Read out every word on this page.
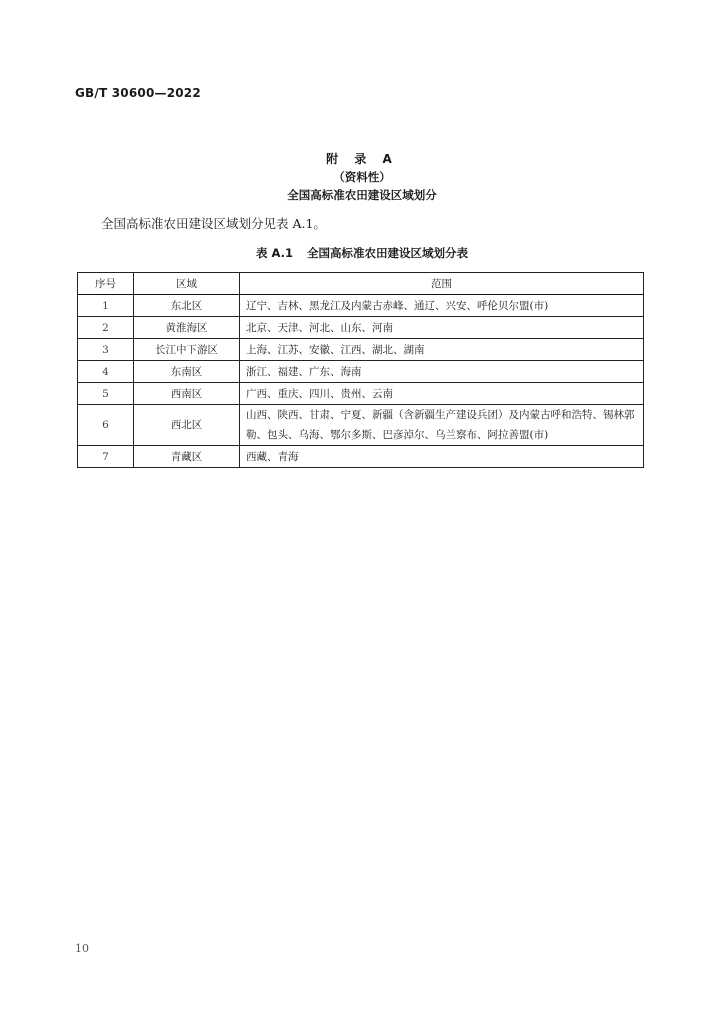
GB/T 30600—2022
附 录 A
（资料性）
全国高标准农田建设区域划分
全国高标准农田建设区域划分见表 A.1。
表 A.1 全国高标准农田建设区域划分表
序号	区域	范围
1	东北区	辽宁、吉林、黑龙江及内蒙古赤峰、通辽、兴安、呼伦贝尔盟(市)
2	黄淮海区	北京、天津、河北、山东、河南
3	长江中下游区	上海、江苏、安徽、江西、湖北、湖南
4	东南区	浙江、福建、广东、海南
5	西南区	广西、重庆、四川、贵州、云南
6	西北区	山西、陕西、甘肃、宁夏、新疆（含新疆生产建设兵团）及内蒙古呼和浩特、锡林郭勒、包头、乌海、鄂尔多斯、巴彦淖尔、乌兰察布、阿拉善盟(市)
7	青藏区	西藏、青海
10
